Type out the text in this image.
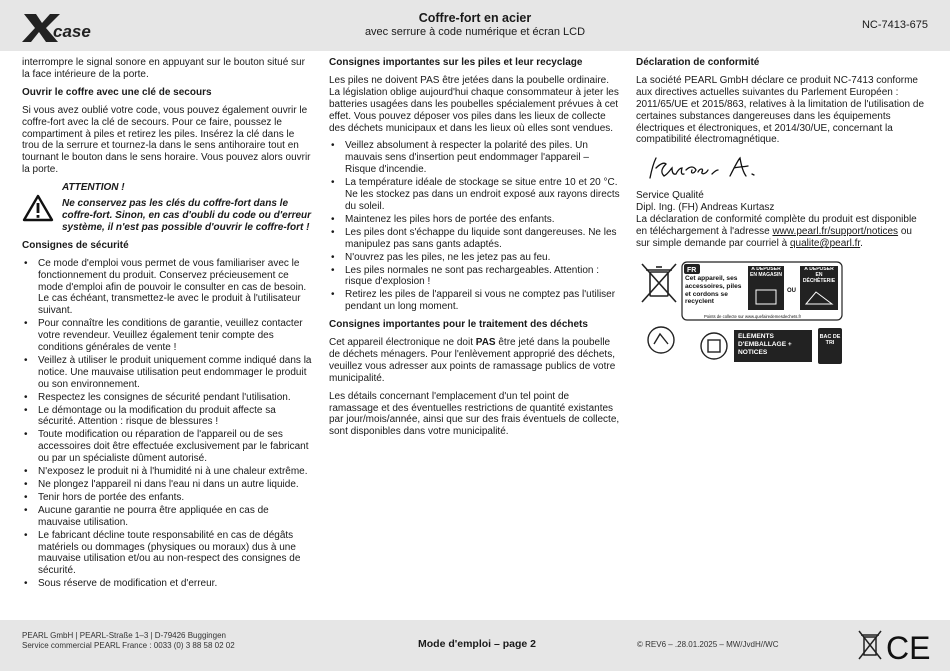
case
Coffre-fort en acier
avec serrure à code numérique et écran LCD
NC-7413-675

interrompre le signal sonore en appuyant sur le bouton situé sur la face intérieure de la porte.

Ouvrir le coffre avec une clé de secours

Si vous avez oublié votre code, vous pouvez également ouvrir le coffre-fort avec la clé de secours. Pour ce faire, poussez le compartiment à piles et retirez les piles. Insérez la clé dans le trou de la serrure et tournez-la dans le sens antihoraire tout en tournant le bouton dans le sens horaire. Vous pouvez alors ouvrir la porte.

ATTENTION !
Ne conservez pas les clés du coffre-fort dans le coffre-fort. Sinon, en cas d'oubli du code ou d'erreur système, il n'est pas possible d'ouvrir le coffre-fort !
Consignes de sécurité
• Ce mode d'emploi vous permet de vous familiariser avec le fonctionnement du produit. Conservez précieusement ce mode d'emploi afin de pouvoir le consulter en cas de besoin. Le cas échéant, transmettez-le avec le produit à l'utilisateur suivant.
• Pour connaître les conditions de garantie, veuillez contacter votre revendeur. Veuillez également tenir compte des conditions générales de vente !
• Veillez à utiliser le produit uniquement comme indiqué dans la notice. Une mauvaise utilisation peut endommager le produit ou son environnement.
• Respectez les consignes de sécurité pendant l'utilisation.
• Le démontage ou la modification du produit affecte sa sécurité. Attention : risque de blessures !
• Toute modification ou réparation de l'appareil ou de ses accessoires doit être effectuée exclusivement par le fabricant ou par un spécialiste dûment autorisé.
• N'exposez le produit ni à l'humidité ni à une chaleur extrême.
• Ne plongez l'appareil ni dans l'eau ni dans un autre liquide.
• Tenir hors de portée des enfants.
• Aucune garantie ne pourra être appliquée en cas de mauvaise utilisation.
• Le fabricant décline toute responsabilité en cas de dégâts matériels ou dommages (physiques ou moraux) dus à une mauvaise utilisation et/ou au non-respect des consignes de sécurité.
• Sous réserve de modification et d'erreur.
Consignes importantes sur les piles et leur recyclage

Les piles ne doivent PAS être jetées dans la poubelle ordinaire. La législation oblige aujourd'hui chaque consommateur à jeter les batteries usagées dans les poubelles spécialement prévues à cet effet. Vous pouvez déposer vos piles dans les lieux de collecte des déchets municipaux et dans les lieux où elles sont vendues.

• Veillez absolument à respecter la polarité des piles. Un mauvais sens d'insertion peut endommager l'appareil – Risque d'incendie.
• La température idéale de stockage se situe entre 10 et 20 °C. Ne les stockez pas dans un endroit exposé aux rayons directs du soleil.
• Maintenez les piles hors de portée des enfants.
• Les piles dont s'échappe du liquide sont dangereuses. Ne les manipulez pas sans gants adaptés.
• N'ouvrez pas les piles, ne les jetez pas au feu.
• Les piles normales ne sont pas rechargeables. Attention : risque d'explosion !
• Retirez les piles de l'appareil si vous ne comptez pas l'utiliser pendant un long moment.
Consignes importantes pour le traitement des déchets

Cet appareil électronique ne doit PAS être jeté dans la poubelle de déchets ménagers. Pour l'enlèvement approprié des déchets, veuillez vous adresser aux points de ramassage publics de votre municipalité.

Les détails concernant l'emplacement d'un tel point de ramassage et des éventuelles restrictions de quantité existantes par jour/mois/année, ainsi que sur des frais éventuels de collecte, sont disponibles dans votre municipalité.

Déclaration de conformité

La société PEARL GmbH déclare ce produit NC-7413 conforme aux directives actuelles suivantes du Parlement Européen : 2011/65/UE et 2015/863, relatives à la limitation de l'utilisation de certaines substances dangereuses dans les équipements électriques et électroniques, et 2014/30/UE, concernant la compatibilité électromagnétique.

Service Qualité
Dipl. Ing. (FH) Andreas Kurtasz

La déclaration de conformité complète du produit est disponible en téléchargement à l'adresse www.pearl.fr/support/notices ou sur simple demande par courriel à qualite@pearl.fr.

FR
Cet appareil, ses accessoires, piles et cordons se recyclent
À DÉPOSER EN MAGASIN
OU
À DÉPOSER EN DÉCHÈTERIE
Points de collecte sur www.quefairedemesdechets.fr
ÉLÉMENTS D'EMBALLAGE + NOTICES
BAC DE TRI
PEARL GmbH | PEARL-Straße 1–3 | D-79426 Buggingen
Service commercial PEARL France : 0033 (0) 3 88 58 02 02	Mode d'emploi – page 2	© REV6 – .28.01.2025 – MW/JvdH//WC	CE
